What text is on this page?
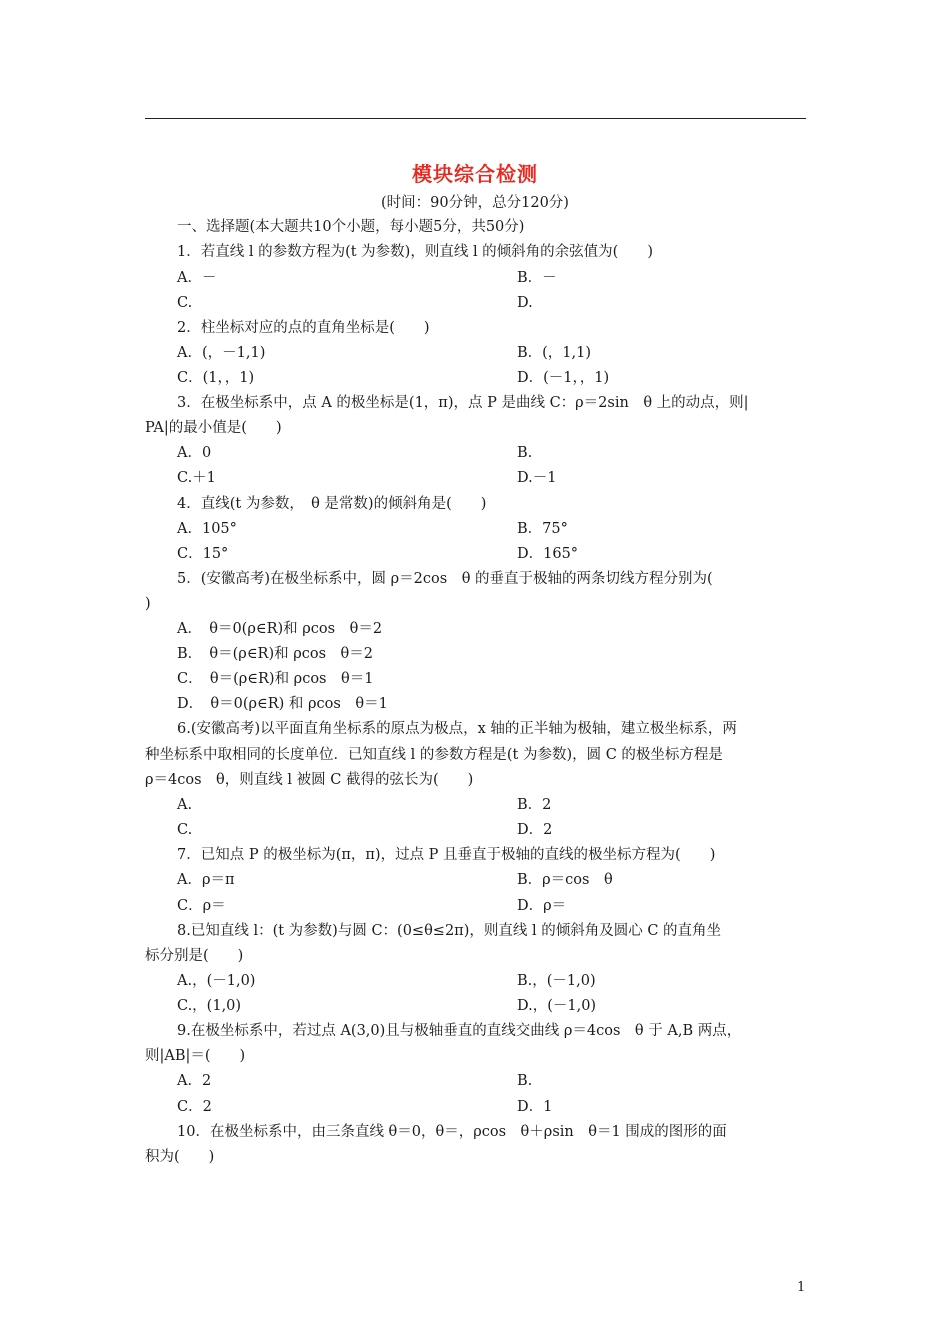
模块综合检测
(时间：90分钟，总分120分)
一、选择题(本大题共10个小题，每小题5分，共50分)
1．若直线 l 的参数方程为(t 为参数)，则直线 l 的倾斜角的余弦值为(　　)
A．－	B．－
C.	D.
2．柱坐标对应的点的直角坐标是(　　)
A．(，－1,1)	B．(，1,1)
C．(1，，1)	D．(－1，，1)
3．在极坐标系中，点 A 的极坐标是(1，π)，点 P 是曲线 C：ρ＝2sin　θ 上的动点，则|
PA|的最小值是(　　)
A．0	B.
C.＋1	D.－1
4．直线(t 为参数，　θ 是常数)的倾斜角是(　　)
A．105°	B．75°
C．15°	D．165°
5．(安徽高考)在极坐标系中，圆 ρ＝2cos　θ 的垂直于极轴的两条切线方程分别为(
)
A．　θ＝0(ρ∈R)和 ρcos　θ＝2
B．　θ＝(ρ∈R)和 ρcos　θ＝2
C．　θ＝(ρ∈R)和 ρcos　θ＝1
D．　θ＝0(ρ∈R) 和 ρcos　θ＝1
6.(安徽高考)以平面直角坐标系的原点为极点，x 轴的正半轴为极轴，建立极坐标系，两
种坐标系中取相同的长度单位．已知直线 l 的参数方程是(t 为参数)，圆 C 的极坐标方程是
ρ＝4cos　θ，则直线 l 被圆 C 截得的弦长为(　　)
A.	B．2
C.	D．2
7．已知点 P 的极坐标为(π，π)，过点 P 且垂直于极轴的直线的极坐标方程为(　　)
A．ρ＝π	B．ρ＝cos　θ
C．ρ＝	D．ρ＝
8.已知直线 l：(t 为参数)与圆 C：(0≤θ≤2π)，则直线 l 的倾斜角及圆心 C 的直角坐
标分别是(　　)
A.，(－1,0)	B.，(－1,0)
C.，(1,0)	D.，(－1,0)
9.在极坐标系中，若过点 A(3,0)且与极轴垂直的直线交曲线 ρ＝4cos　θ 于 A,B 两点，
则|AB|＝(　　)
A．2	B.
C．2	D．1
10．在极坐标系中，由三条直线 θ＝0，θ＝，ρcos　θ＋ρsin　θ＝1 围成的图形的面
积为(　　)
1
